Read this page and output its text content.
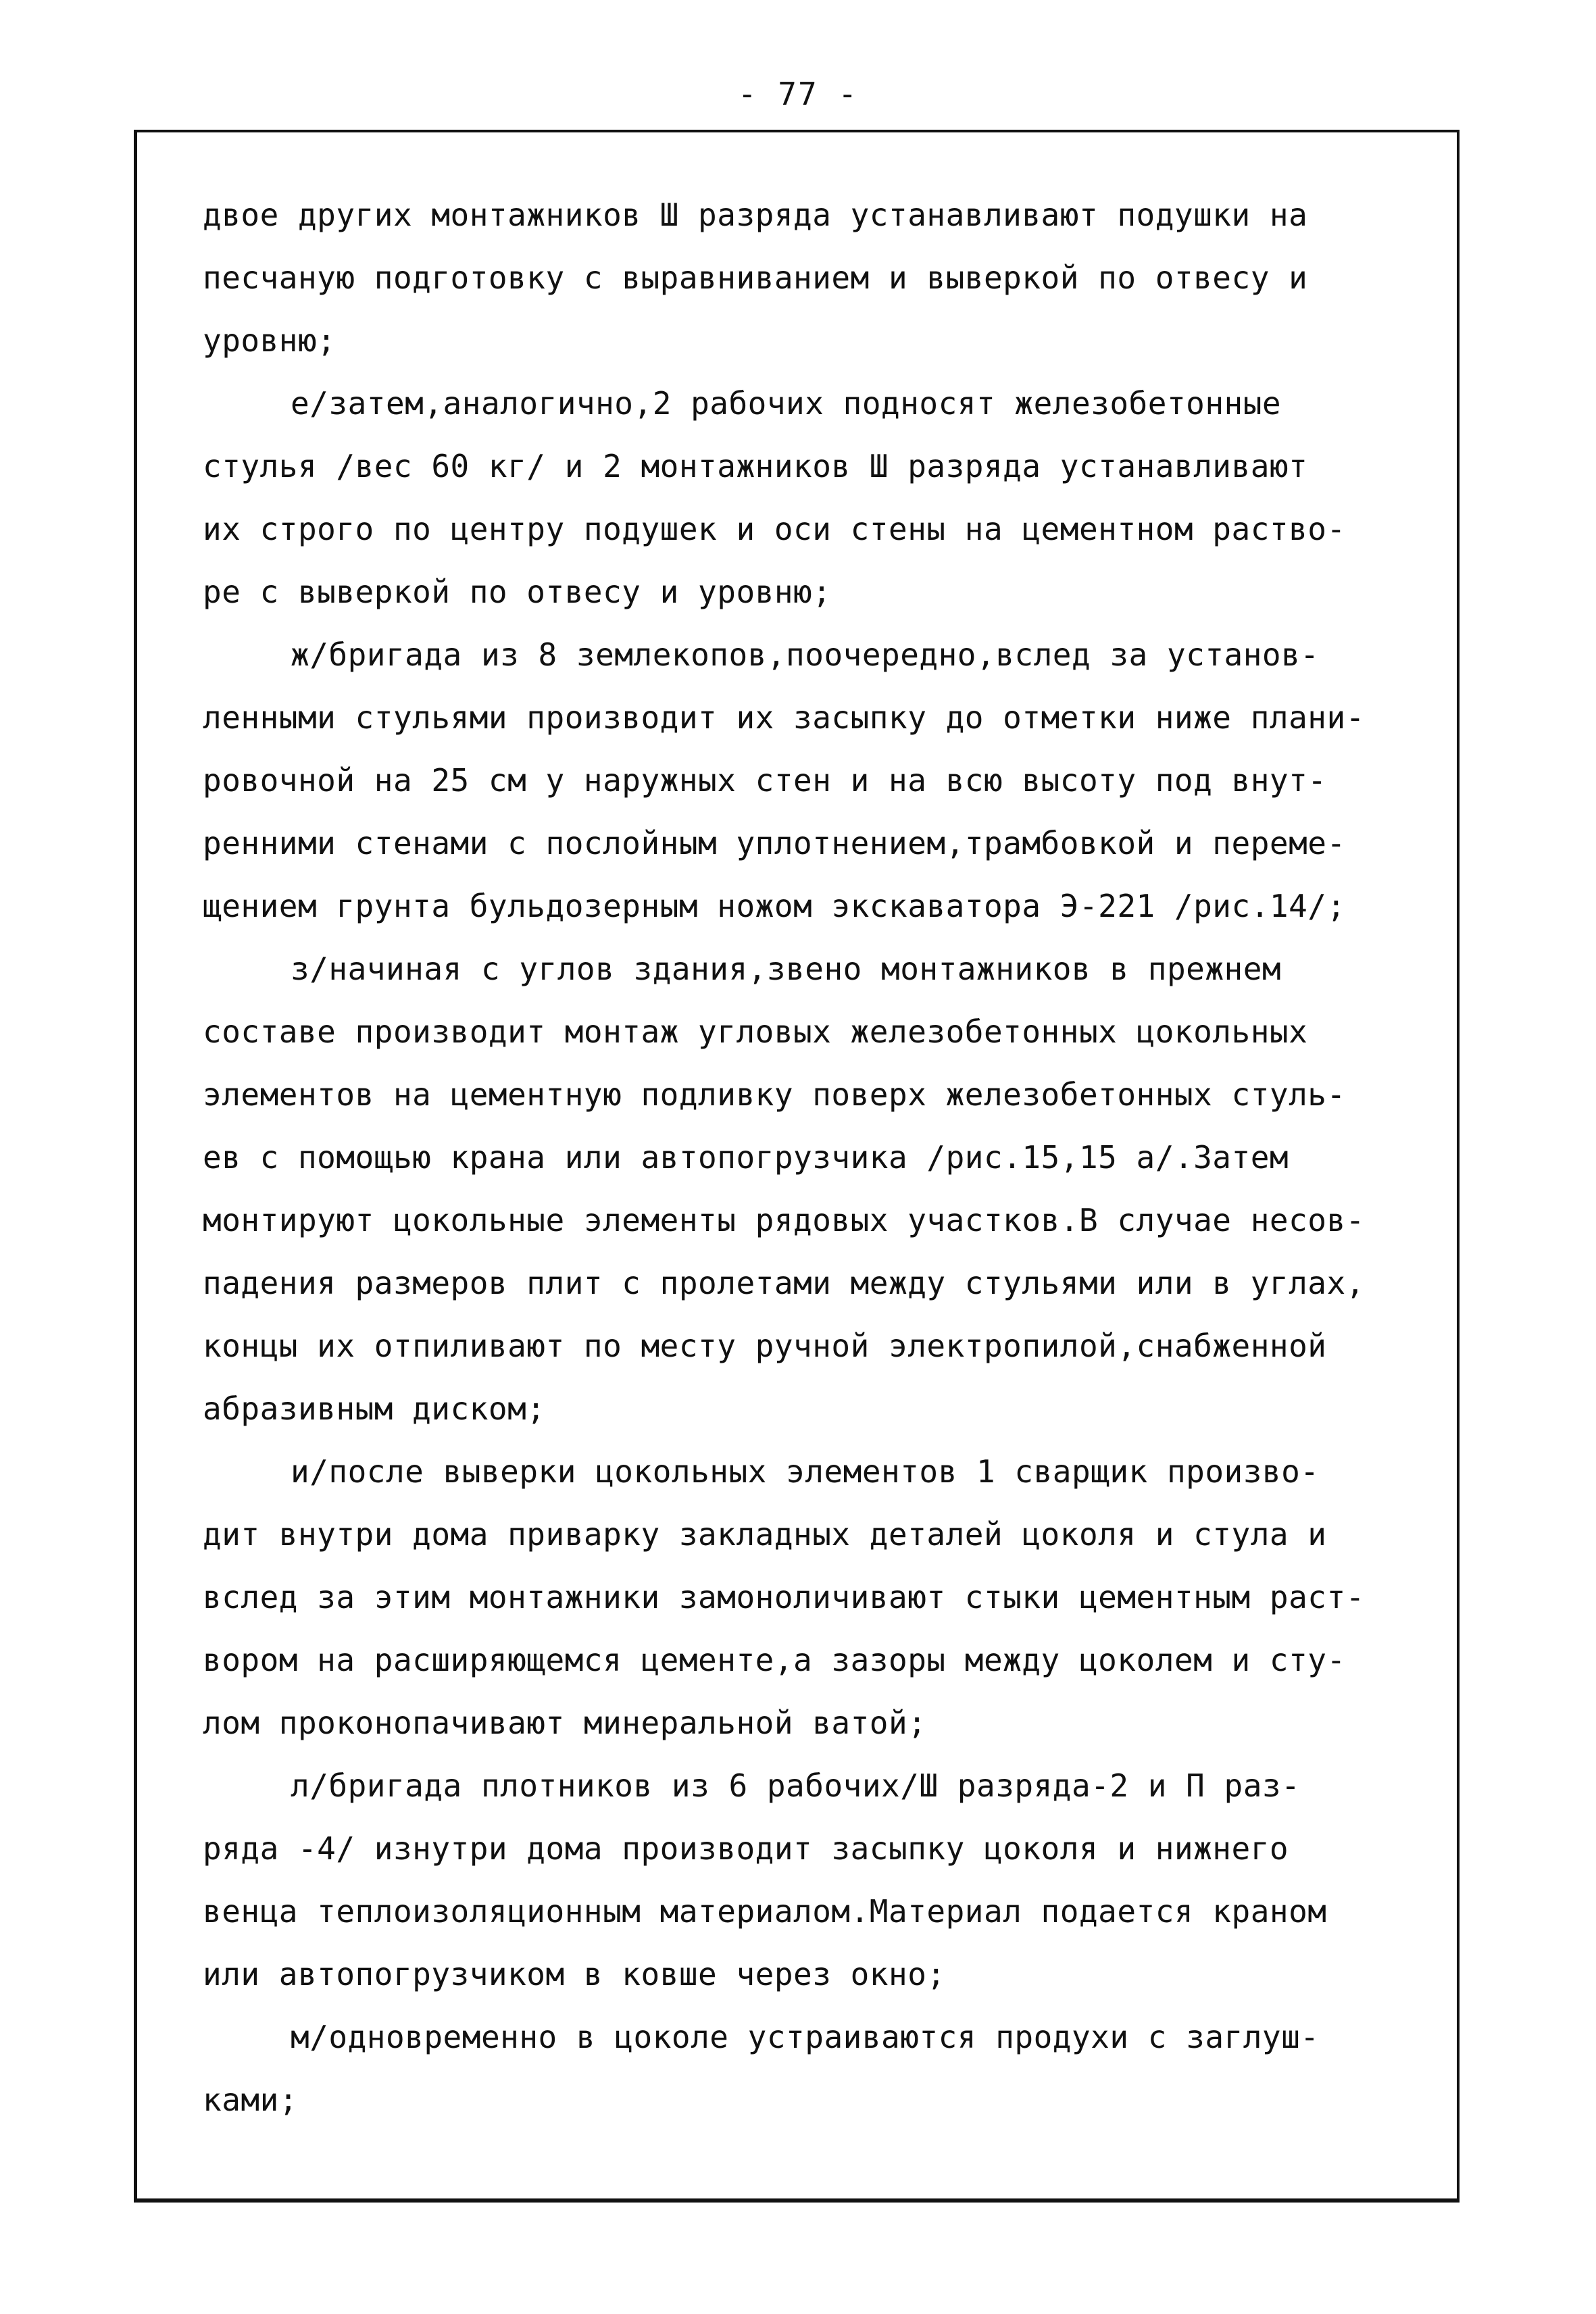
- 77 -
двое других монтажников Ш разряда устанавливают подушки на
песчаную подготовку с выравниванием и выверкой по отвесу и
уровню;
е/затем,аналогично,2 рабочих подносят железобетонные
стулья /вес 60 кг/ и 2 монтажников Ш разряда устанавливают
их строго по центру подушек и оси стены на цементном раство-
ре с выверкой по отвесу и уровню;
ж/бригада из 8 землекопов,поочередно,вслед за установ-
ленными стульями производит их засыпку до отметки ниже плани-
ровочной на 25 см у наружных стен и на всю высоту под внут-
ренними стенами с послойным уплотнением,трамбовкой и переме-
щением грунта бульдозерным ножом экскаватора Э-221 /рис.14/;
з/начиная с углов здания,звено монтажников в прежнем
составе производит монтаж угловых железобетонных цокольных
элементов на цементную подливку поверх железобетонных стуль-
ев с помощью крана или автопогрузчика /рис.15,15 а/.Затем
монтируют цокольные элементы рядовых участков.В случае несов-
падения размеров плит с пролетами между стульями или в углах,
концы их отпиливают по месту ручной электропилой,снабженной
абразивным диском;
и/после выверки цокольных элементов 1 сварщик произво-
дит внутри дома приварку закладных деталей цоколя и стула и
вслед за этим монтажники замоноличивают стыки цементным раст-
вором на расширяющемся цементе,а зазоры между цоколем и сту-
лом проконопачивают минеральной ватой;
л/бригада плотников из 6 рабочих/Ш разряда-2 и П раз-
ряда -4/ изнутри дома производит засыпку цоколя и нижнего
венца теплоизоляционным материалом.Материал подается краном
или автопогрузчиком в ковше через окно;
м/одновременно в цоколе устраиваются продухи с заглуш-
ками;
